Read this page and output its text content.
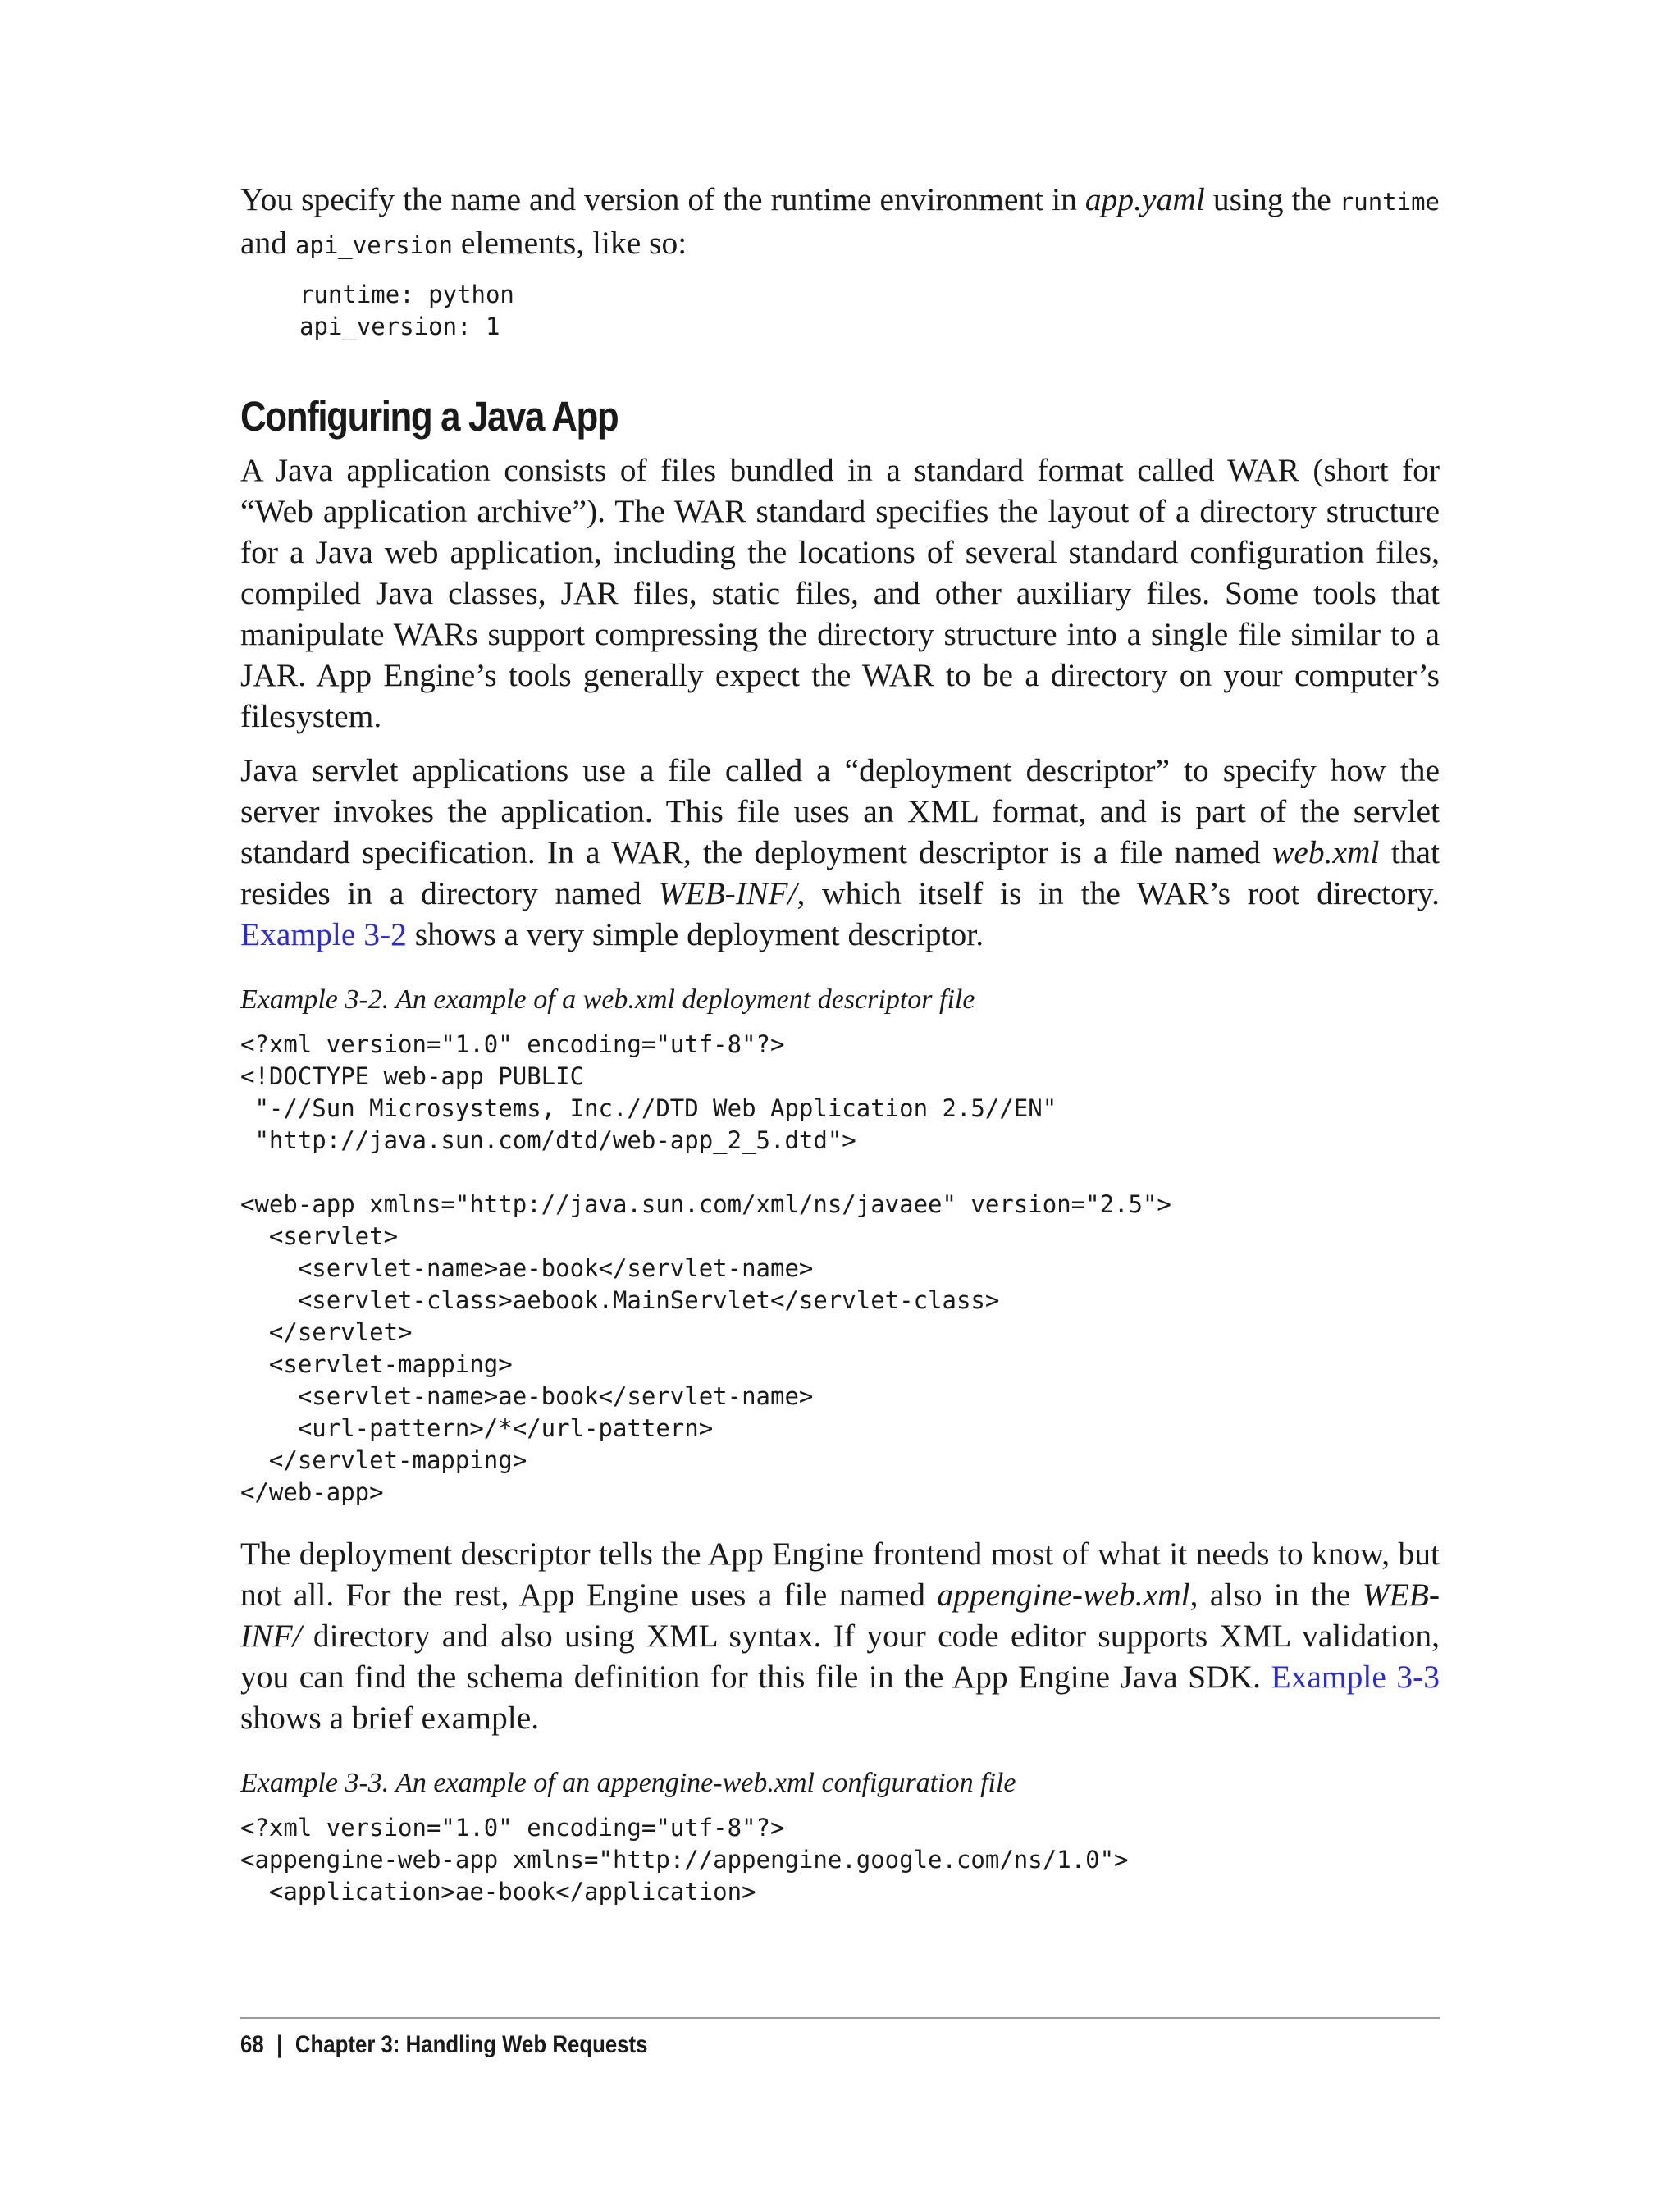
You specify the name and version of the runtime environment in app.yaml using the runtime and api_version elements, like so:

runtime: python
api_version: 1
Configuring a Java App

A Java application consists of files bundled in a standard format called WAR (short for “Web application archive”). The WAR standard specifies the layout of a directory structure for a Java web application, including the locations of several standard configuration files, compiled Java classes, JAR files, static files, and other auxiliary files. Some tools that manipulate WARs support compressing the directory structure into a single file similar to a JAR. App Engine’s tools generally expect the WAR to be a directory on your computer’s filesystem.

Java servlet applications use a file called a “deployment descriptor” to specify how the server invokes the application. This file uses an XML format, and is part of the servlet standard specification. In a WAR, the deployment descriptor is a file named web.xml that resides in a directory named WEB-INF/, which itself is in the WAR’s root directory. Example 3-2 shows a very simple deployment descriptor.

Example 3-2. An example of a web.xml deployment descriptor file

<?xml version="1.0" encoding="utf-8"?>
<!DOCTYPE web-app PUBLIC
"-//Sun Microsystems, Inc.//DTD Web Application 2.5//EN"
"http://java.sun.com/dtd/web-app_2_5.dtd">

<web-app xmlns="http://java.sun.com/xml/ns/javaee" version="2.5">
<servlet>
<servlet-name>ae-book</servlet-name>
<servlet-class>aebook.MainServlet</servlet-class>
</servlet>
<servlet-mapping>
<servlet-name>ae-book</servlet-name>
<url-pattern>/*</url-pattern>
</servlet-mapping>
</web-app>

The deployment descriptor tells the App Engine frontend most of what it needs to know, but not all. For the rest, App Engine uses a file named appengine-web.xml, also in the WEB-INF/ directory and also using XML syntax. If your code editor supports XML validation, you can find the schema definition for this file in the App Engine Java SDK. Example 3-3 shows a brief example.

Example 3-3. An example of an appengine-web.xml configuration file

<?xml version="1.0" encoding="utf-8"?>
<appengine-web-app xmlns="http://appengine.google.com/ns/1.0">
<application>ae-book</application>
68 | Chapter 3: Handling Web Requests
